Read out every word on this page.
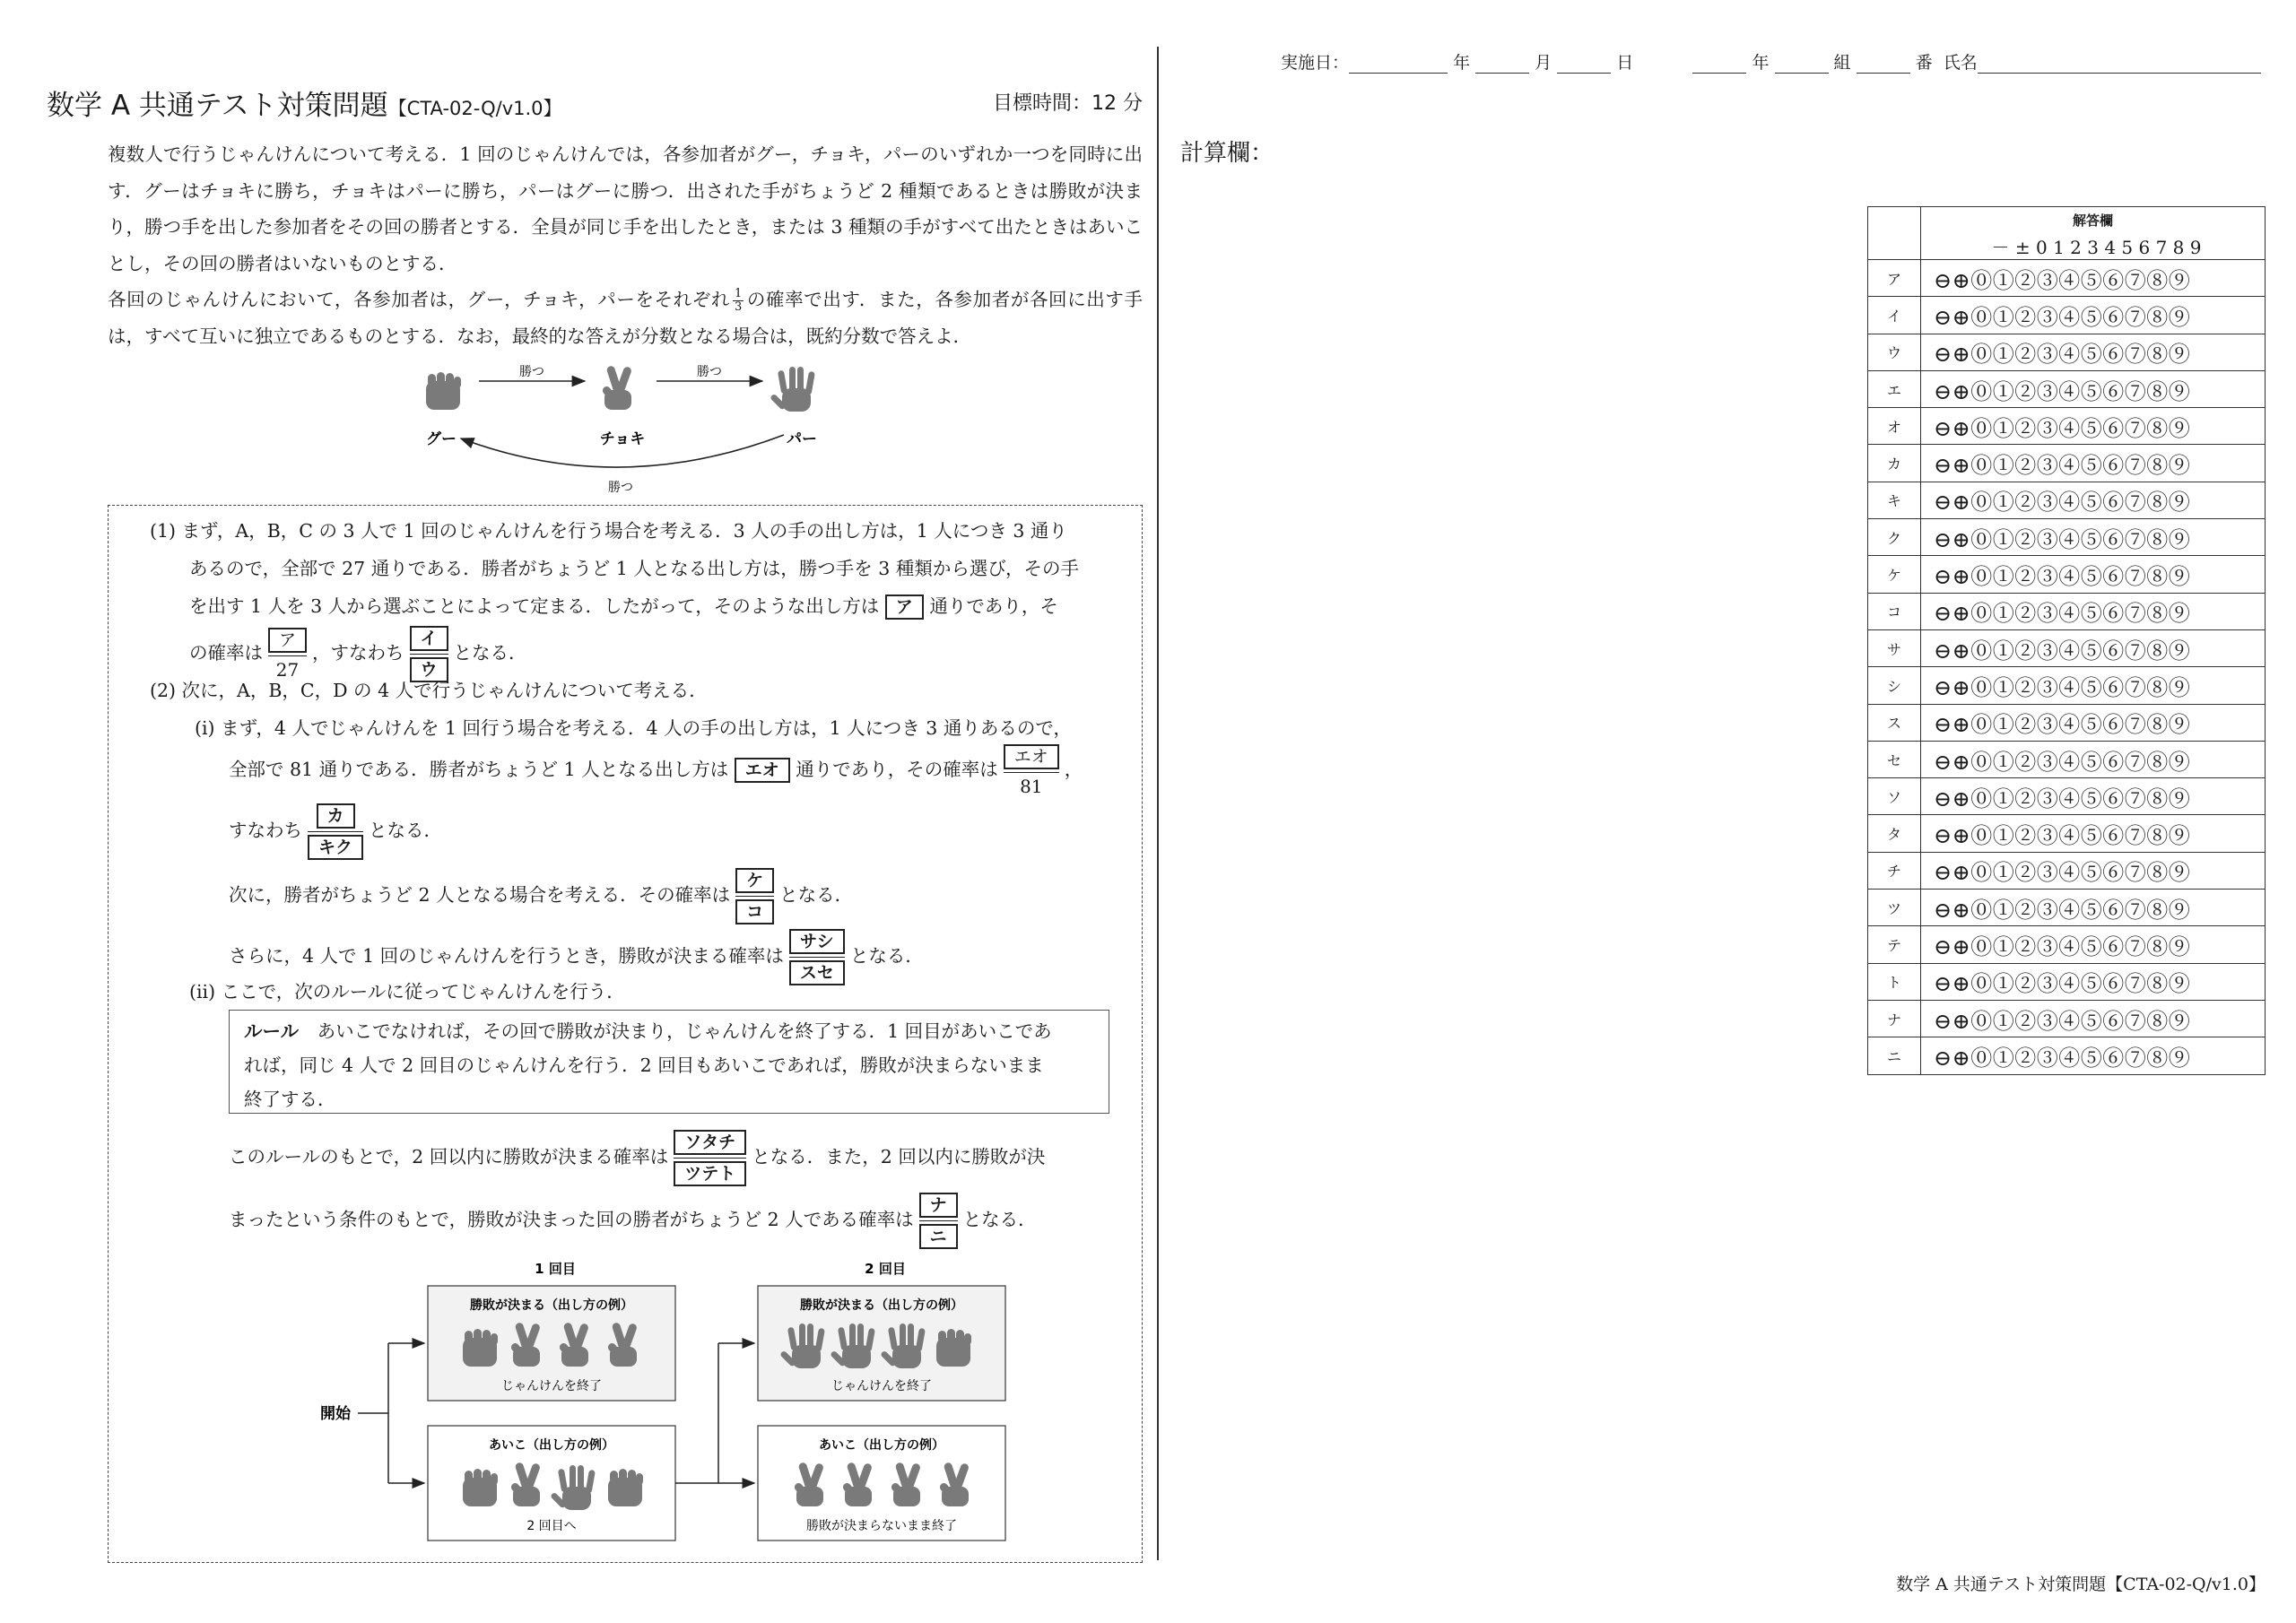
数学 A 共通テスト対策問題【CTA-02-Q/v1.0】	目標時間：12 分
複数人で行うじゃんけんについて考える．1 回のじゃんけんでは，各参加者がグー，チョキ，パーのいずれか一つを同時に出す．グーはチョキに勝ち，チョキはパーに勝ち，パーはグーに勝つ．出された手がちょうど 2 種類であるときは勝敗が決まり，勝つ手を出した参加者をその回の勝者とする．全員が同じ手を出したとき，または 3 種類の手がすべて出たときはあいことし，その回の勝者はいないものとする．
各回のじゃんけんにおいて，各参加者は，グー，チョキ，パーをそれぞれ $\frac{1}{3}$ の確率で出す．また，各参加者が各回に出す手は，すべて互いに独立であるものとする．なお，最終的な答えが分数となる場合は，既約分数で答えよ．
勝つ	勝つ
勝つ
グー	チョキ	パー
(1) まず，A，B，C の 3 人で 1 回のじゃんけんを行う場合を考える．3 人の手の出し方は，1 人につき 3 通り
あるので，全部で 27 通りである．勝者がちょうど 1 人となる出し方は，勝つ手を 3 種類から選び，その手
を出す 1 人を 3 人から選ぶことによって定まる．したがって，そのような出し方は ア 通りであり，そ
の確率は $\frac{\text{ア}}{27}$ ，すなわち $\frac{\text{イ}}{\text{ウ}}$ となる．
(2) 次に，A，B，C，D の 4 人で行うじゃんけんについて考える．
(i) まず，4 人でじゃんけんを 1 回行う場合を考える．4 人の手の出し方は，1 人につき 3 通りあるので，
全部で 81 通りである．勝者がちょうど 1 人となる出し方は エオ 通りであり，その確率は $\frac{\text{エオ}}{81}$ ，
すなわち $\frac{\text{カ}}{\text{キク}}$ となる．
次に，勝者がちょうど 2 人となる場合を考える．その確率は $\frac{\text{ケ}}{\text{コ}}$ となる．
さらに，4 人で 1 回のじゃんけんを行うとき，勝敗が決まる確率は $\frac{\text{サシ}}{\text{スセ}}$ となる．
(ii) ここで，次のルールに従ってじゃんけんを行う．
ルール　 あいこでなければ，その回で勝敗が決まり，じゃんけんを終了する．1 回目があいこであ
れば，同じ 4 人で 2 回目のじゃんけんを行う．2 回目もあいこであれば，勝敗が決まらないまま
終了する．
このルールのもとで，2 回以内に勝敗が決まる確率は $\frac{\text{ソタチ}}{\text{ツテト}}$ となる．また，2 回以内に勝敗が決
まったという条件のもとで，勝敗が決まった回の勝者がちょうど 2 人である確率は $\frac{\text{ナ}}{\text{ニ}}$ となる．
1 回目	2 回目
開始
勝敗が決まる（出し方の例）
じゃんけんを終了
あいこ（出し方の例）
2 回目へ
勝敗が決まる（出し方の例）
じゃんけんを終了
あいこ（出し方の例）
勝敗が決まらないまま終了
実施日：	年	月	日	年	組	番 氏名
計算欄：
	解答欄
	－ ± 0 1 2 3 4 5 6 7 8 9
ア	⊖⊕⓪①②③④⑤⑥⑦⑧⑨
イ	⊖⊕⓪①②③④⑤⑥⑦⑧⑨
ウ	⊖⊕⓪①②③④⑤⑥⑦⑧⑨
エ	⊖⊕⓪①②③④⑤⑥⑦⑧⑨
オ	⊖⊕⓪①②③④⑤⑥⑦⑧⑨
カ	⊖⊕⓪①②③④⑤⑥⑦⑧⑨
キ	⊖⊕⓪①②③④⑤⑥⑦⑧⑨
ク	⊖⊕⓪①②③④⑤⑥⑦⑧⑨
ケ	⊖⊕⓪①②③④⑤⑥⑦⑧⑨
コ	⊖⊕⓪①②③④⑤⑥⑦⑧⑨
サ	⊖⊕⓪①②③④⑤⑥⑦⑧⑨
シ	⊖⊕⓪①②③④⑤⑥⑦⑧⑨
ス	⊖⊕⓪①②③④⑤⑥⑦⑧⑨
セ	⊖⊕⓪①②③④⑤⑥⑦⑧⑨
ソ	⊖⊕⓪①②③④⑤⑥⑦⑧⑨
タ	⊖⊕⓪①②③④⑤⑥⑦⑧⑨
チ	⊖⊕⓪①②③④⑤⑥⑦⑧⑨
ツ	⊖⊕⓪①②③④⑤⑥⑦⑧⑨
テ	⊖⊕⓪①②③④⑤⑥⑦⑧⑨
ト	⊖⊕⓪①②③④⑤⑥⑦⑧⑨
ナ	⊖⊕⓪①②③④⑤⑥⑦⑧⑨
ニ	⊖⊕⓪①②③④⑤⑥⑦⑧⑨
数学 A 共通テスト対策問題【CTA-02-Q/v1.0】
